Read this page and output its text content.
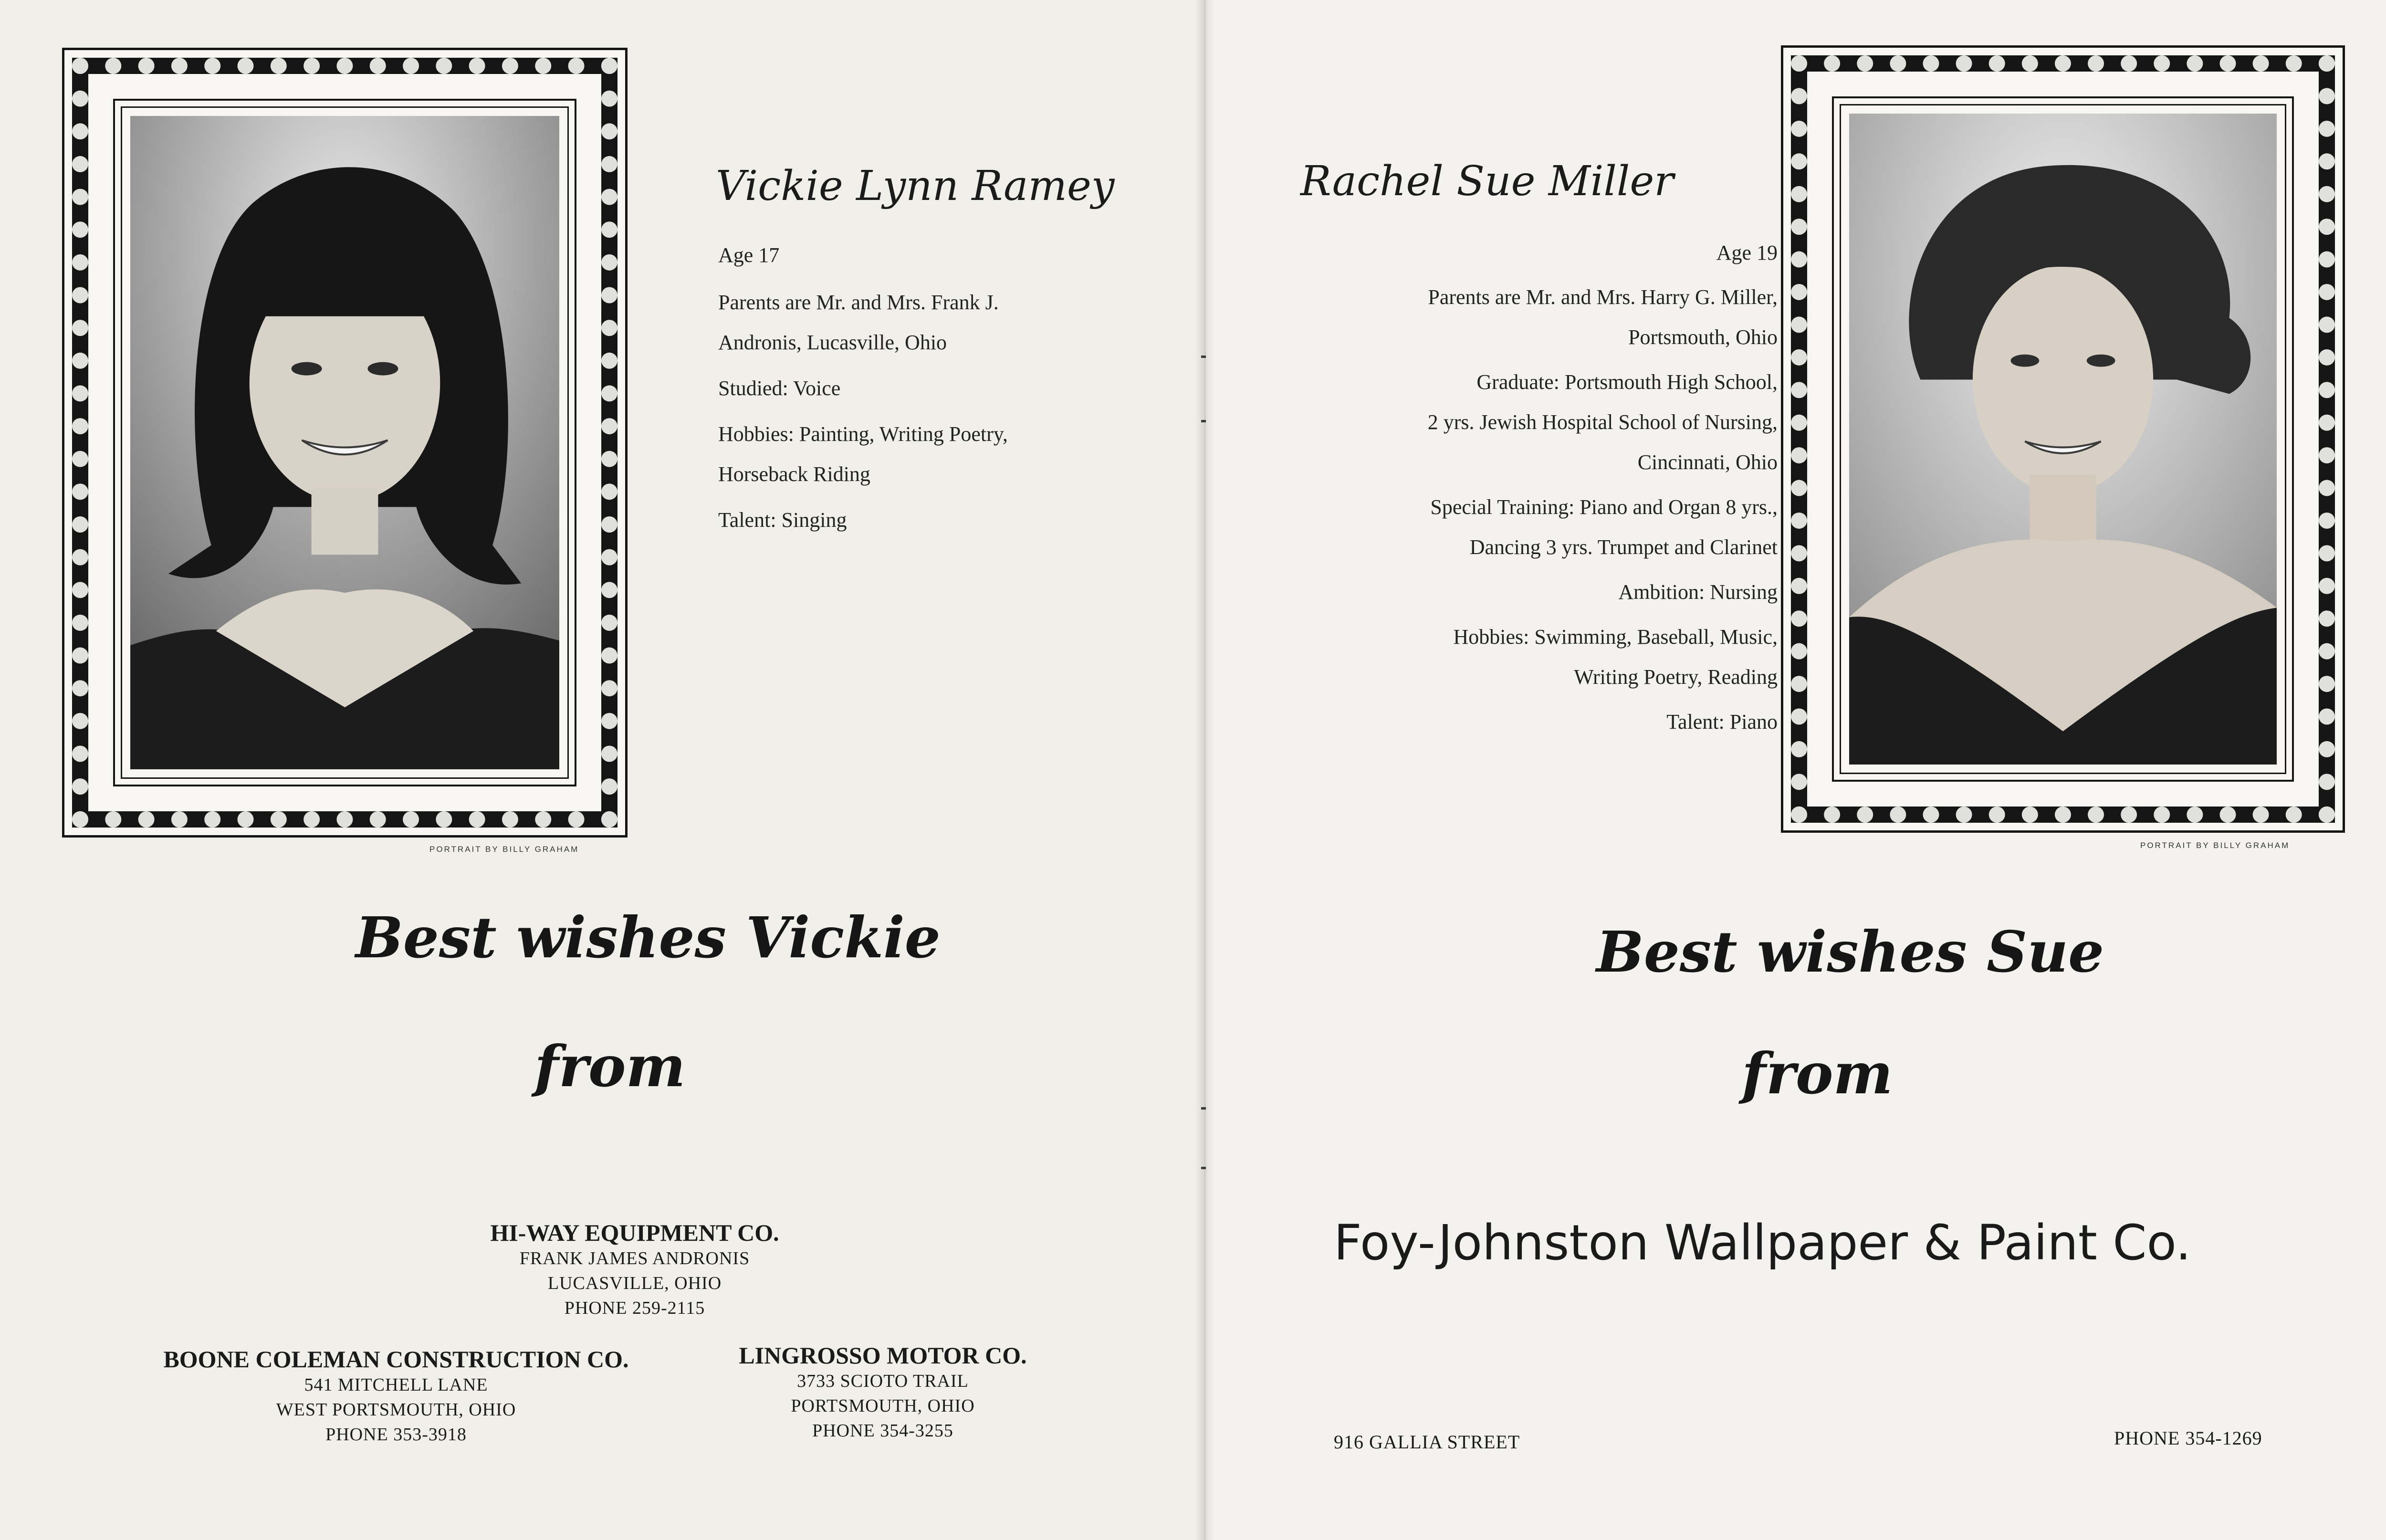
PORTRAIT BY BILLY GRAHAM
Vickie Lynn Ramey
Age 17
Parents are Mr. and Mrs. Frank J.
Andronis, Lucasville, Ohio
Studied: Voice
Hobbies: Painting, Writing Poetry,
Horseback Riding
Talent: Singing
Best wishes Vickie
from
HI-WAY EQUIPMENT CO.
FRANK JAMES ANDRONIS
LUCASVILLE, OHIO
PHONE 259-2115
BOONE COLEMAN CONSTRUCTION CO.
541 MITCHELL LANE
WEST PORTSMOUTH, OHIO
PHONE 353-3918
LINGROSSO MOTOR CO.
3733 SCIOTO TRAIL
PORTSMOUTH, OHIO
PHONE 354-3255
Rachel Sue Miller
Age 19
Parents are Mr. and Mrs. Harry G. Miller,
Portsmouth, Ohio
Graduate: Portsmouth High School,
2 yrs. Jewish Hospital School of Nursing,
Cincinnati, Ohio
Special Training: Piano and Organ 8 yrs.,
Dancing 3 yrs. Trumpet and Clarinet
Ambition: Nursing
Hobbies: Swimming, Baseball, Music,
Writing Poetry, Reading
Talent: Piano
PORTRAIT BY BILLY GRAHAM
Best wishes Sue
from
Foy-Johnston Wallpaper & Paint Co.
916 GALLIA STREET	PHONE 354-1269
